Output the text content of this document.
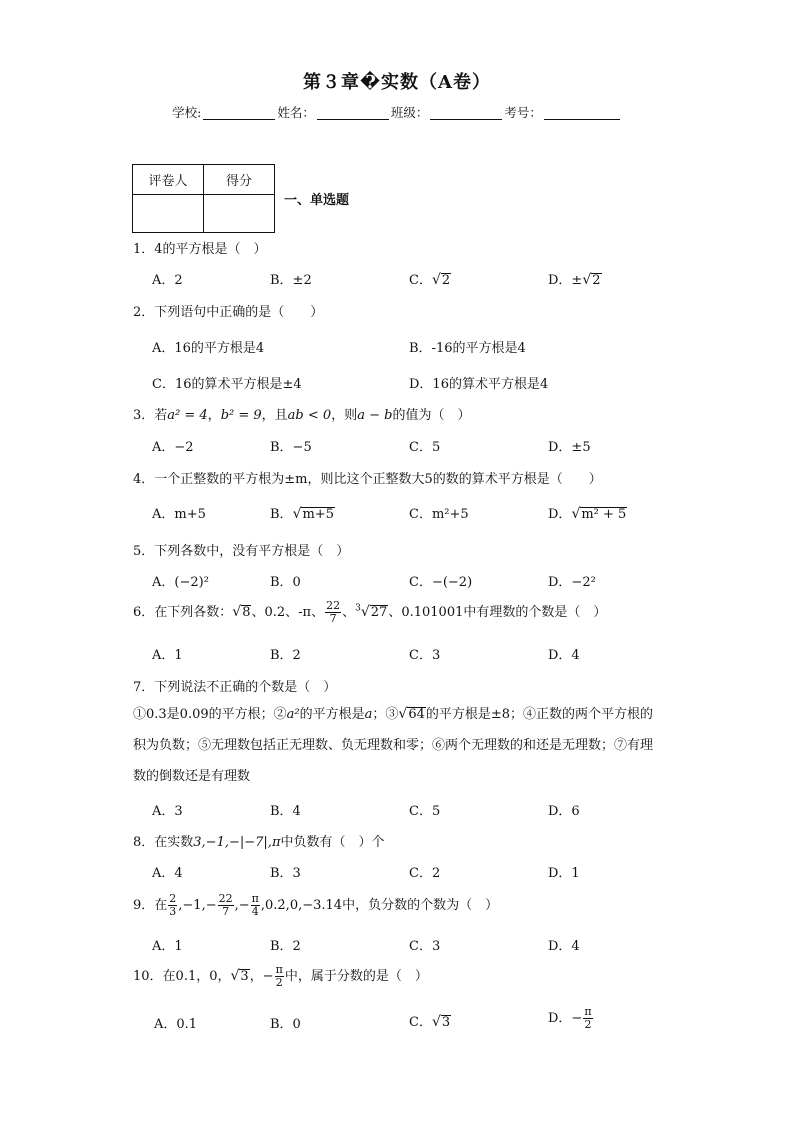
第３章�实数（A卷）
学校:	姓名：	班级：	考号：
评卷人	得分

一、单选题
1．4的平方根是（　）
A．2	B．±2	C．√2	D．±√2
2．下列语句中正确的是（　　）
A．16的平方根是4	B．-16的平方根是4
C．16的算术平方根是±4	D．16的算术平方根是4
3．若a² = 4，b² = 9，且ab < 0，则a − b的值为（　）
A．−2	B．−5	C．5	D．±5
4．一个正整数的平方根为±m，则比这个正整数大5的数的算术平方根是（　　）
A．m+5	B．√m+5	C．m²+5	D．√m² + 5
5．下列各数中，没有平方根是（　）
A．(−2)²	B．0	C．−(−2)	D．−2²
6．在下列各数：√8、0.2、-π、 $\frac{22}{7}$ 、$^3$√27、0.101001中有理数的个数是（　）
A．1	B．2	C．3	D．4
7．下列说法不正确的个数是（　）
①0.3是0.09的平方根；②a²的平方根是a；③√64的平方根是±8；④正数的两个平方根的积为负数；⑤无理数包括正无理数、负无理数和零；⑥两个无理数的和还是无理数；⑦有理数的倒数还是有理数
A．3	B．4	C．5	D．6
8．在实数3,−1,−|−7|,π中负数有（　）个
A．4	B．3	C．2	D．1
9．在 $\frac{2}{3} ,-1,- \frac{22}{7}$ ,− $\frac{\pi}{4}$ ,0.2̇,0,−3.14中，负分数的个数为（　）
A．1	B．2	C．3	D．4
10．在0.1，0，√3，− $\frac{\pi}{2}$ 中，属于分数的是（　）
A．0.1	B．0	C．√3	D．− $\frac{\pi}{2}$
